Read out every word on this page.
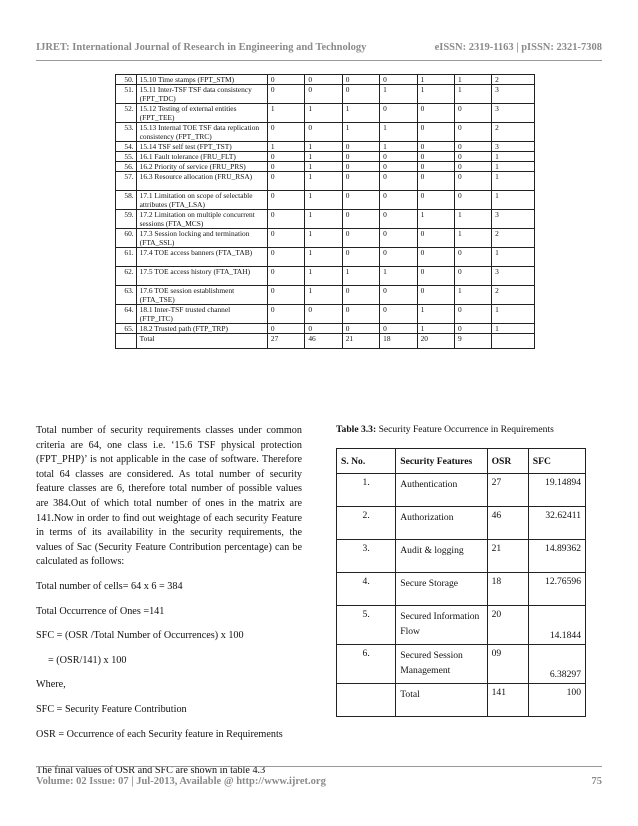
IJRET: International Journal of Research in Engineering and Technology	eISSN: 2319-1163 | pISSN: 2321-7308
50.	15.10 Time stamps (FPT_STM)	0	0	0	0	1	1	2
51.	15.11 Inter-TSF TSF data consistency (FPT_TDC)	0	0	0	1	1	1	3
52.	15.12 Testing of external entities (FPT_TEE)	1	1	1	0	0	0	3
53.	15.13 Internal TOE TSF data replication consistency (FPT_TRC)	0	0	1	1	0	0	2
54.	15.14 TSF self test (FPT_TST)	1	1	0	1	0	0	3
55.	16.1 Fault tolerance (FRU_FLT)	0	1	0	0	0	0	1
56.	16.2 Priority of service (FRU_PRS)	0	1	0	0	0	0	1
57.	16.3 Resource allocation (FRU_RSA)	0	1	0	0	0	0	1
58.	17.1 Limitation on scope of selectable attributes (FTA_LSA)	0	1	0	0	0	0	1
59.	17.2 Limitation on multiple concurrent sessions (FTA_MCS)	0	1	0	0	1	1	3
60.	17.3 Session locking and termination (FTA_SSL)	0	1	0	0	0	1	2
61.	17.4 TOE access banners (FTA_TAB)	0	1	0	0	0	0	1
62.	17.5 TOE access history (FTA_TAH)	0	1	1	1	0	0	3
63.	17.6 TOE session establishment (FTA_TSE)	0	1	0	0	0	1	2
64.	18.1 Inter-TSF trusted channel (FTP_ITC)	0	0	0	0	1	0	1
65.	18.2 Trusted path (FTP_TRP)	0	0	0	0	1	0	1
	Total	27	46	21	18	20	9	

Total number of security requirements classes under common criteria are 64, one class i.e. ‘15.6 TSF physical protection (FPT_PHP)’ is not applicable in the case of software. Therefore total 64 classes are considered. As total number of security feature classes are 6, therefore total number of possible values are 384.Out of which total number of ones in the matrix are 141.Now in order to find out weightage of each security Feature in terms of its availability in the security requirements, the values of Sac (Security Feature Contribution percentage) can be calculated as follows:

Total number of cells= 64 x 6 = 384

Total Occurrence of Ones =141

SFC = (OSR /Total Number of Occurrences) x 100

= (OSR/141) x 100

Where,

SFC = Security Feature Contribution

OSR = Occurrence of each Security feature in Requirements

The final values of OSR and SFC are shown in table 4.3

Table 3.3: Security Feature Occurrence in Requirements
S. No.	Security Features	OSR	SFC
1.	Authentication	27	19.14894
2.	Authorization	46	32.62411
3.	Audit & logging	21	14.89362
4.	Secure Storage	18	12.76596
5.	Secured Information Flow	20	14.1844
6.	Secured Session Management	09	6.38297
	Total	141	100
Volume: 02 Issue: 07 | Jul-2013, Available @ http://www.ijret.org	75
